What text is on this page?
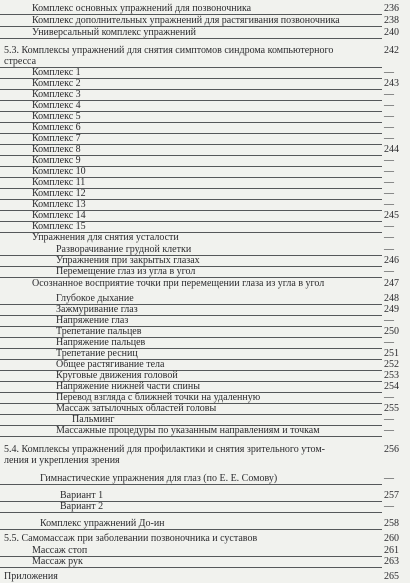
Комплекс основных упражнений для позвоночника	236
Комплекс дополнительных упражнений для растягивания позвоночника	238
Универсальный комплекс упражнений	240
5.3. Комплексы упражнений для снятия симптомов синдрома компьютерного	242
стресса
Комплекс 1	—
Комплекс 2	243
Комплекс 3	—
Комплекс 4	—
Комплекс 5	—
Комплекс 6	—
Комплекс 7	—
Комплекс 8	244
Комплекс 9	—
Комплекс 10	—
Комплекс 11	—
Комплекс 12	—
Комплекс 13	—
Комплекс 14	245
Комплекс 15	—
Упражнения для снятия усталости	—
Разворачивание грудной клетки	—
Упражнения при закрытых глазах	246
Перемещение глаз из угла в угол	—
Осознанное восприятие точки при перемещении глаза из угла в угол	247
Глубокое дыхание	248
Зажмуривание глаз	249
Напряжение глаз	—
Трепетание пальцев	250
Напряжение пальцев	—
Трепетание ресниц	251
Общее растягивание тела	252
Круговые движения головой	253
Напряжение нижней части спины	254
Перевод взгляда с ближней точки на удаленную	—
Массаж затылочных областей головы	255
Пальминг	—
Массажные процедуры по указанным направлениям и точкам	—
5.4. Комплексы упражнений для профилактики и снятия зрительного утом-	256
ления и укрепления зрения
Гимнастические упражнения для глаз (по Е. Е. Сомову)	—
Вариант 1	257
Вариант 2	—
Комплекс упражнений До-ин	258
5.5. Самомассаж при заболевании позвоночника и суставов	260
Массаж стоп	261
Массаж рук	263
Приложения	265
